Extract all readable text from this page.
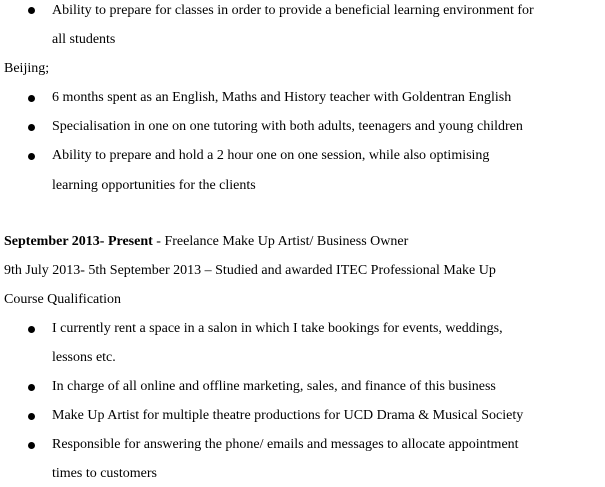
Ability to prepare for classes in order to provide a beneficial learning environment for
all students
Beijing;
6 months spent as an English, Maths and History teacher with Goldentran English
Specialisation in one on one tutoring with both adults, teenagers and young children
Ability to prepare and hold a 2 hour one on one session, while also optimising
learning opportunities for the clients
September 2013- Present - Freelance Make Up Artist/ Business Owner
9th July 2013- 5th September 2013 – Studied and awarded ITEC Professional Make Up
Course Qualification
I currently rent a space in a salon in which I take bookings for events, weddings,
lessons etc.
In charge of all online and offline marketing, sales, and finance of this business
Make Up Artist for multiple theatre productions for UCD Drama & Musical Society
Responsible for answering the phone/ emails and messages to allocate appointment
times to customers
